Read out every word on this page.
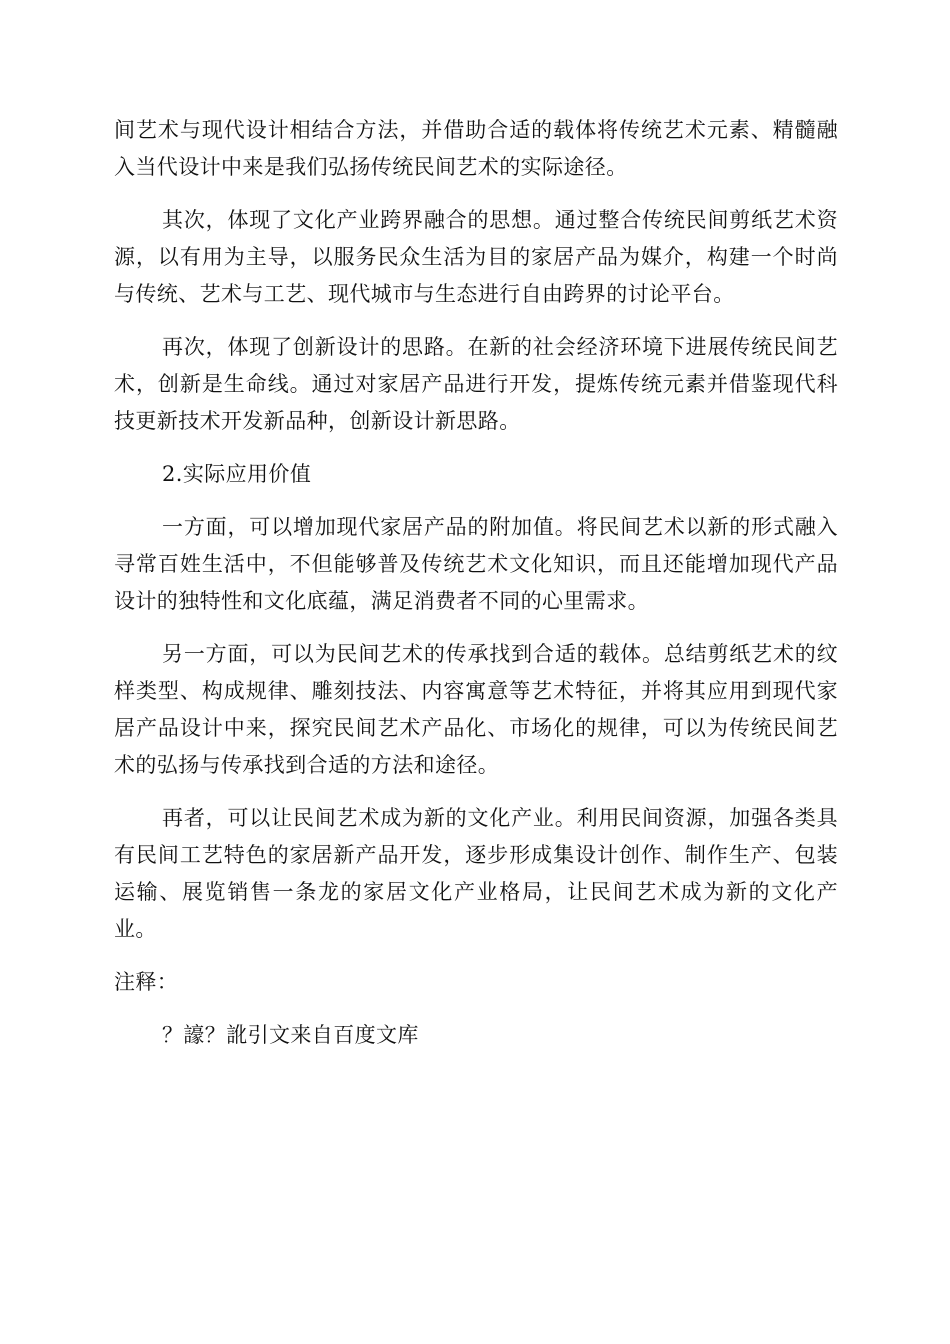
间艺术与现代设计相结合方法，并借助合适的载体将传统艺术元素、精髓融入当代设计中来是我们弘扬传统民间艺术的实际途径。

其次，体现了文化产业跨界融合的思想。通过整合传统民间剪纸艺术资源，以有用为主导，以服务民众生活为目的家居产品为媒介，构建一个时尚与传统、艺术与工艺、现代城市与生态进行自由跨界的讨论平台。

再次，体现了创新设计的思路。在新的社会经济环境下进展传统民间艺术，创新是生命线。通过对家居产品进行开发，提炼传统元素并借鉴现代科技更新技术开发新品种，创新设计新思路。

2.实际应用价值

一方面，可以增加现代家居产品的附加值。将民间艺术以新的形式融入寻常百姓生活中，不但能够普及传统艺术文化知识，而且还能增加现代产品设计的独特性和文化底蕴，满足消费者不同的心里需求。

另一方面，可以为民间艺术的传承找到合适的载体。总结剪纸艺术的纹样类型、构成规律、雕刻技法、内容寓意等艺术特征，并将其应用到现代家居产品设计中来，探究民间艺术产品化、市场化的规律，可以为传统民间艺术的弘扬与传承找到合适的方法和途径。

再者，可以让民间艺术成为新的文化产业。利用民间资源，加强各类具有民间工艺特色的家居新产品开发，逐步形成集设计创作、制作生产、包装运输、展览销售一条龙的家居文化产业格局，让民间艺术成为新的文化产业。

注释：

？譹？訛引文来自百度文库
